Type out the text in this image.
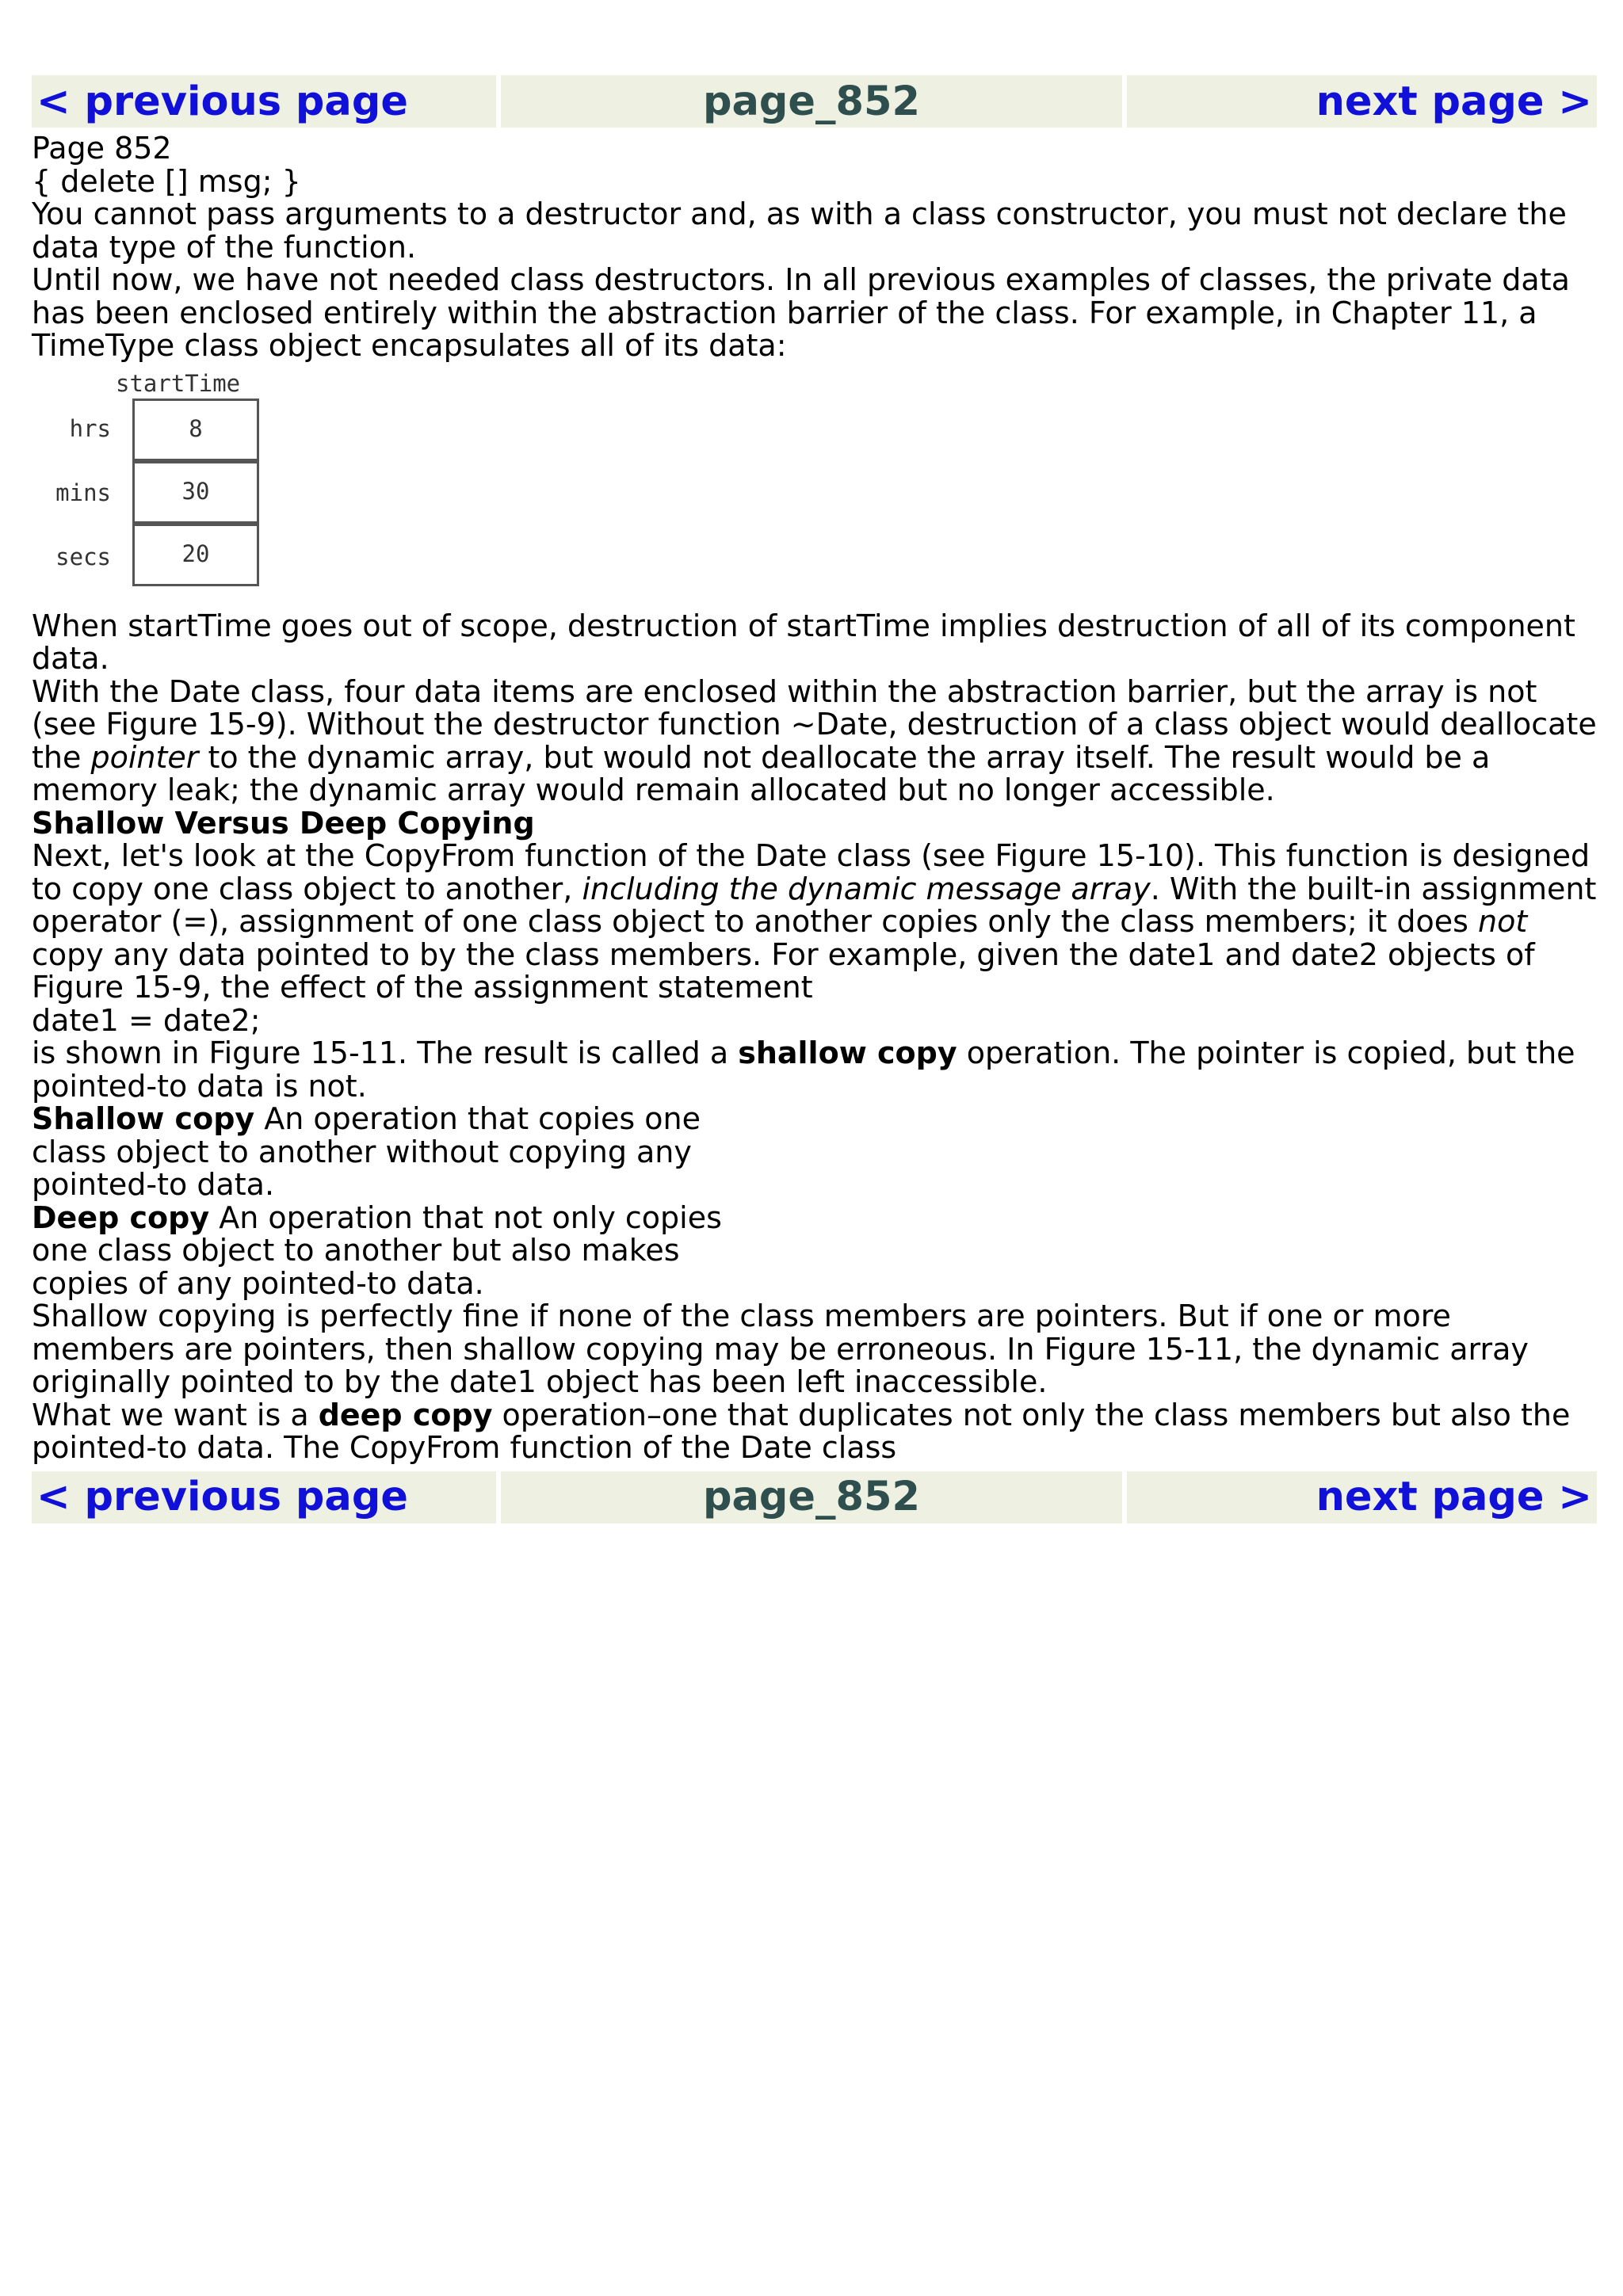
< previous page	page_852	next page >

Page 852

{ delete [] msg; }

You cannot pass arguments to a destructor and, as with a class constructor, you must not declare the data type of the function.

Until now, we have not needed class destructors. In all previous examples of classes, the private data has been enclosed entirely within the abstraction barrier of the class. For example, in Chapter 11, a TimeType class object encapsulates all of its data:

startTime
hrs	8
mins	30
secs	20

When startTime goes out of scope, destruction of startTime implies destruction of all of its component data.

With the Date class, four data items are enclosed within the abstraction barrier, but the array is not (see Figure 15-9). Without the destructor function ~Date, destruction of a class object would deallocate the pointer to the dynamic array, but would not deallocate the array itself. The result would be a memory leak; the dynamic array would remain allocated but no longer accessible.

Shallow Versus Deep Copying

Next, let's look at the CopyFrom function of the Date class (see Figure 15-10). This function is designed to copy one class object to another, including the dynamic message array. With the built-in assignment operator (=), assignment of one class object to another copies only the class members; it does not copy any data pointed to by the class members. For example, given the date1 and date2 objects of Figure 15-9, the effect of the assignment statement

date1 = date2;

is shown in Figure 15-11. The result is called a shallow copy operation. The pointer is copied, but the pointed-to data is not.

Shallow copy An operation that copies one class object to another without copying any pointed-to data.

Deep copy An operation that not only copies one class object to another but also makes copies of any pointed-to data.

Shallow copying is perfectly fine if none of the class members are pointers. But if one or more members are pointers, then shallow copying may be erroneous. In Figure 15-11, the dynamic array originally pointed to by the date1 object has been left inaccessible.

What we want is a deep copy operation–one that duplicates not only the class members but also the pointed-to data. The CopyFrom function of the Date class

< previous page	page_852	next page >
